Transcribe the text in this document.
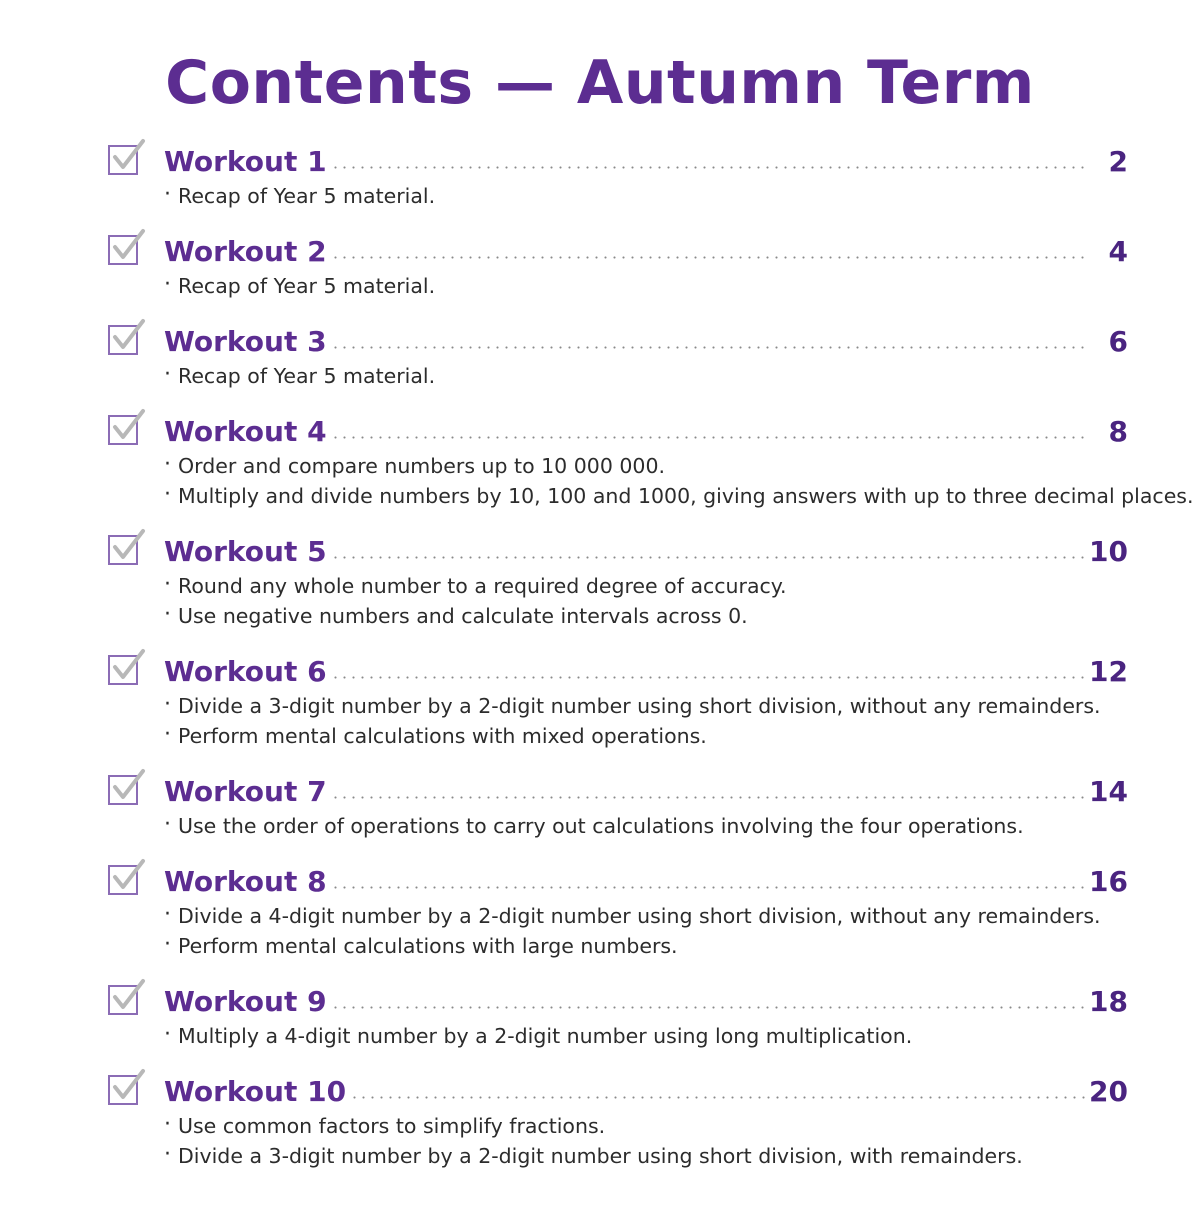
Contents — Autumn Term
Workout 1	2
· Recap of Year 5 material.
Workout 2	4
· Recap of Year 5 material.
Workout 3	6
· Recap of Year 5 material.
Workout 4	8
· Order and compare numbers up to 10 000 000.
· Multiply and divide numbers by 10, 100 and 1000, giving answers with up to three decimal places.
Workout 5	10
· Round any whole number to a required degree of accuracy.
· Use negative numbers and calculate intervals across 0.
Workout 6	12
· Divide a 3-digit number by a 2-digit number using short division, without any remainders.
· Perform mental calculations with mixed operations.
Workout 7	14
· Use the order of operations to carry out calculations involving the four operations.
Workout 8	16
· Divide a 4-digit number by a 2-digit number using short division, without any remainders.
· Perform mental calculations with large numbers.
Workout 9	18
· Multiply a 4-digit number by a 2-digit number using long multiplication.
Workout 10	20
· Use common factors to simplify fractions.
· Divide a 3-digit number by a 2-digit number using short division, with remainders.
